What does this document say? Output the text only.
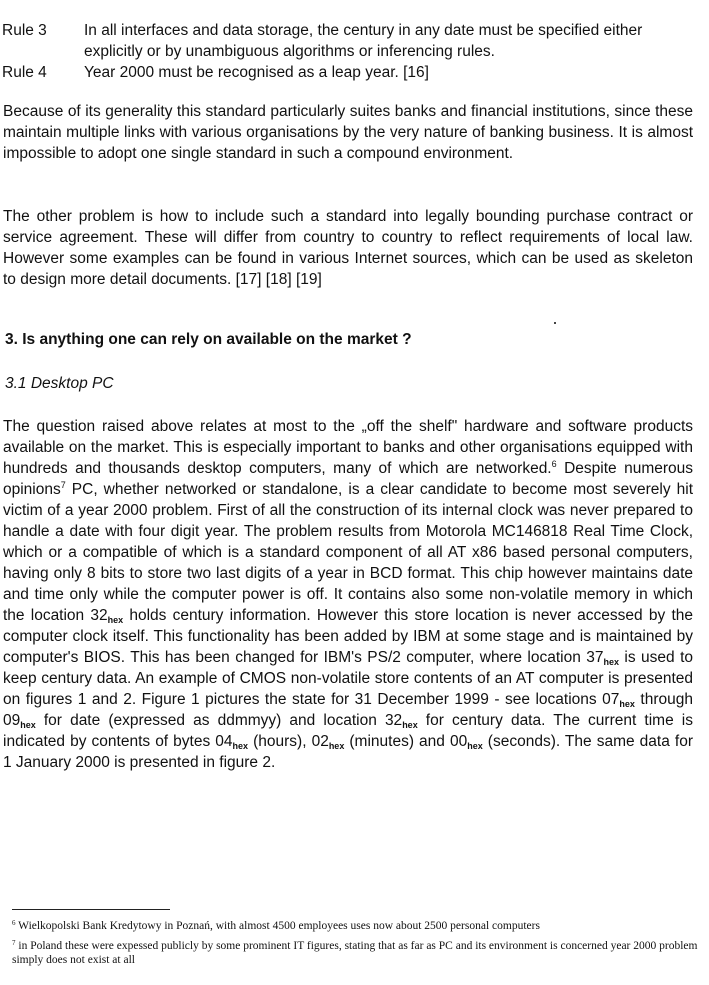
Rule 3 In all interfaces and data storage, the century in any date must be specified either explicitly or by unambiguous algorithms or inferencing rules.
Rule 4 Year 2000 must be recognised as a leap year. [16]

Because of its generality this standard particularly suites banks and financial institutions, since these maintain multiple links with various organisations by the very nature of banking business. It is almost impossible to adopt one single standard in such a compound environment.

The other problem is how to include such a standard into legally bounding purchase contract or service agreement. These will differ from country to country to reflect requirements of local law. However some examples can be found in various Internet sources, which can be used as skeleton to design more detail documents. [17] [18] [19]

3. Is anything one can rely on available on the market ?
3.1 Desktop PC

The question raised above relates at most to the „off the shelf" hardware and software products available on the market. This is especially important to banks and other organisations equipped with hundreds and thousands desktop computers, many of which are networked.$^6$ Despite numerous opinions$^7$ PC, whether networked or standalone, is a clear candidate to become most severely hit victim of a year 2000 problem. First of all the construction of its internal clock was never prepared to handle a date with four digit year. The problem results from Motorola MC146818 Real Time Clock, which or a compatible of which is a standard component of all AT x86 based personal computers, having only 8 bits to store two last digits of a year in BCD format. This chip however maintains date and time only while the computer power is off. It contains also some non-volatile memory in which the location $32_{hex}$ holds century information. However this store location is never accessed by the computer clock itself. This functionality has been added by IBM at some stage and is maintained by computer's BIOS. This has been changed for IBM's PS/2 computer, where location $37_{hex}$ is used to keep century data. An example of CMOS non-volatile store contents of an AT computer is presented on figures 1 and 2. Figure 1 pictures the state for 31 December 1999 - see locations $07_{hex}$ through $09_{hex}$ for date (expressed as ddmmyy) and location $32_{hex}$ for century data. The current time is indicated by contents of bytes $04_{hex}$ (hours), $02_{hex}$ (minutes) and $00_{hex}$ (seconds). The same data for 1 January 2000 is presented in figure 2.

$^6$ Wielkopolski Bank Kredytowy in Poznań, with almost 4500 employees uses now about 2500 personal computers
$^7$ in Poland these were expessed publicly by some prominent IT figures, stating that as far as PC and its environment is concerned year 2000 problem simply does not exist at all
